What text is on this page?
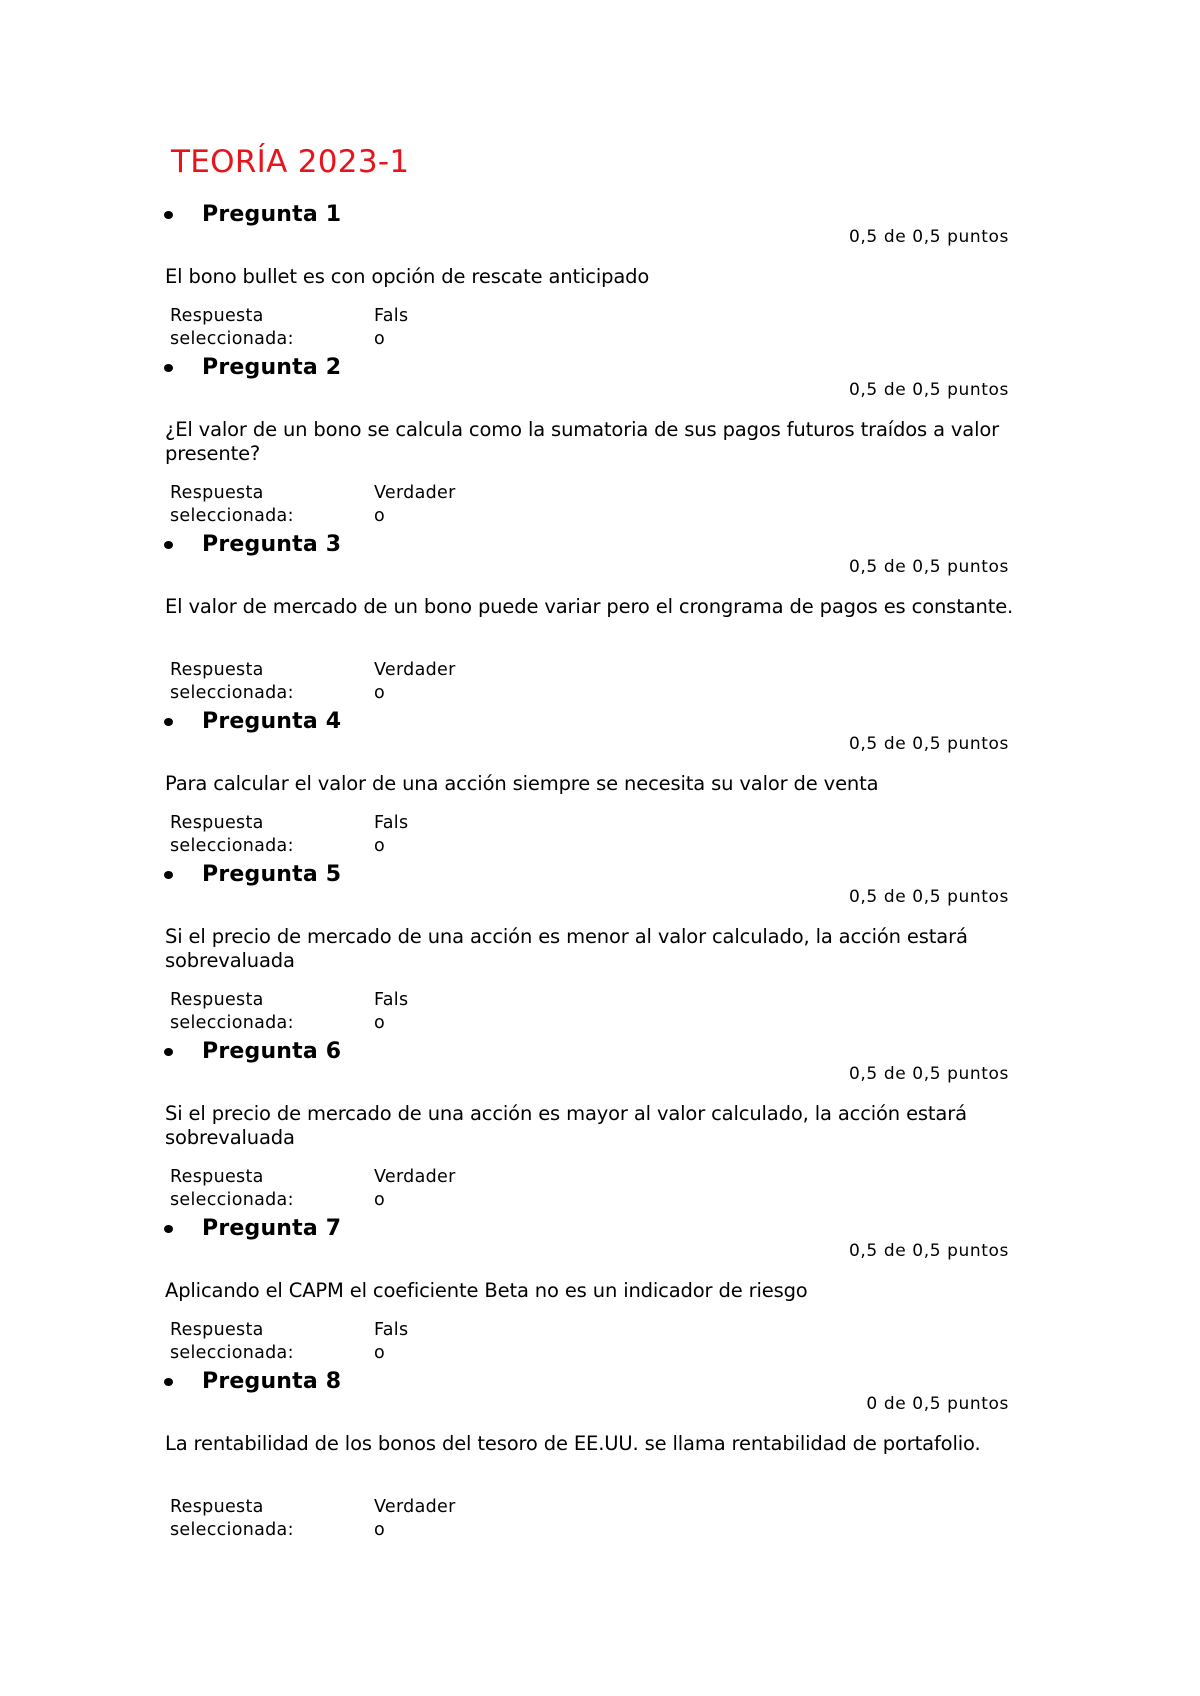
TEORÍA 2023-1
Pregunta 1
0,5 de 0,5 puntos
El bono bullet es con opción de rescate anticipado
Respuesta seleccionada:
Falso
Pregunta 2
0,5 de 0,5 puntos
¿El valor de un bono se calcula como la sumatoria de sus pagos futuros traídos a valor presente?
Respuesta seleccionada:
Verdadero
Pregunta 3
0,5 de 0,5 puntos
El valor de mercado de un bono puede variar pero el crongrama de pagos es constante.
Respuesta seleccionada:
Verdadero
Pregunta 4
0,5 de 0,5 puntos
Para calcular el valor de una acción siempre se necesita su valor de venta
Respuesta seleccionada:
Falso
Pregunta 5
0,5 de 0,5 puntos
Si el precio de mercado de una acción es menor al valor calculado, la acción estará sobrevaluada
Respuesta seleccionada:
Falso
Pregunta 6
0,5 de 0,5 puntos
Si el precio de mercado de una acción es mayor al valor calculado, la acción estará sobrevaluada
Respuesta seleccionada:
Verdadero
Pregunta 7
0,5 de 0,5 puntos
Aplicando el CAPM el coeficiente Beta no es un indicador de riesgo
Respuesta seleccionada:
Falso
Pregunta 8
0 de 0,5 puntos
La rentabilidad de los bonos del tesoro de EE.UU. se llama rentabilidad de portafolio.
Respuesta seleccionada:
Verdadero
